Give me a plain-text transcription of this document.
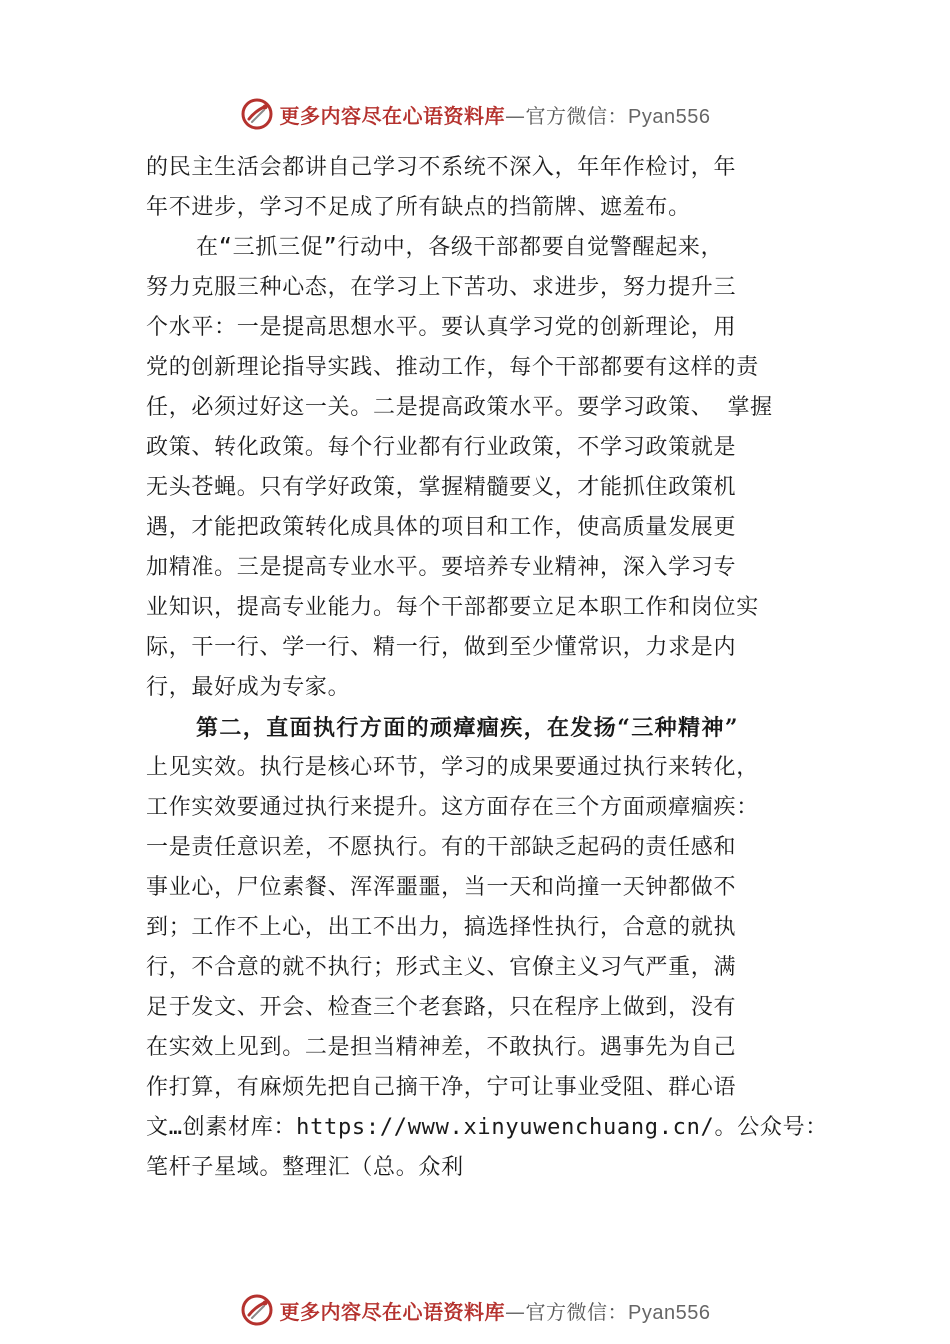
更多内容尽在心语资料库—官方微信：Pyan556
的民主生活会都讲自己学习不系统不深入，年年作检讨，年
年不进步，学习不足成了所有缺点的挡箭牌、遮羞布。
在“三抓三促”行动中，各级干部都要自觉警醒起来，
努力克服三种心态，在学习上下苦功、求进步，努力提升三
个水平：一是提高思想水平。要认真学习党的创新理论，用
党的创新理论指导实践、推动工作，每个干部都要有这样的责
任，必须过好这一关。二是提高政策水平。要学习政策、 掌握
政策、转化政策。每个行业都有行业政策，不学习政策就是
无头苍蝇。只有学好政策，掌握精髓要义，才能抓住政策机
遇，才能把政策转化成具体的项目和工作，使高质量发展更
加精准。三是提高专业水平。要培养专业精神，深入学习专
业知识，提高专业能力。每个干部都要立足本职工作和岗位实
际，干一行、学一行、精一行，做到至少懂常识，力求是内
行，最好成为专家。
第二，直面执行方面的顽瘴痼疾，在发扬“三种精神”
上见实效。执行是核心环节，学习的成果要通过执行来转化，
工作实效要通过执行来提升。这方面存在三个方面顽瘴痼疾：
一是责任意识差，不愿执行。有的干部缺乏起码的责任感和
事业心，尸位素餐、浑浑噩噩，当一天和尚撞一天钟都做不
到；工作不上心，出工不出力，搞选择性执行，合意的就执
行，不合意的就不执行；形式主义、官僚主义习气严重，满
足于发文、开会、检查三个老套路，只在程序上做到，没有
在实效上见到。二是担当精神差，不敢执行。遇事先为自己
作打算，有麻烦先把自己摘干净，宁可让事业受阻、群心语
文…创素材库：https://www.xinyuwenchuang.cn/。公众号：
笔杆子星域。整理汇（总。众利
更多内容尽在心语资料库—官方微信：Pyan556
